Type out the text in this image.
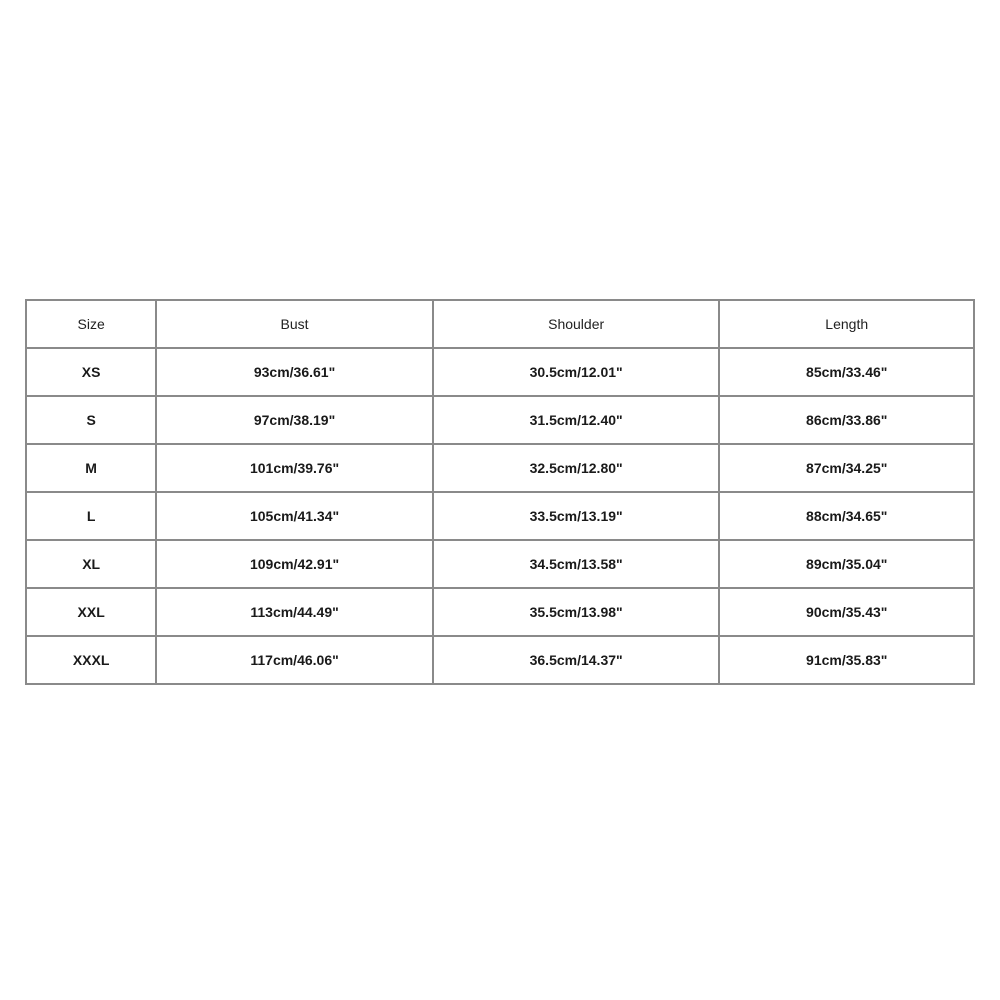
Size	Bust	Shoulder	Length
XS	93cm/36.61"	30.5cm/12.01"	85cm/33.46"
S	97cm/38.19"	31.5cm/12.40"	86cm/33.86"
M	101cm/39.76"	32.5cm/12.80"	87cm/34.25"
L	105cm/41.34"	33.5cm/13.19"	88cm/34.65"
XL	109cm/42.91"	34.5cm/13.58"	89cm/35.04"
XXL	113cm/44.49"	35.5cm/13.98"	90cm/35.43"
XXXL	117cm/46.06"	36.5cm/14.37"	91cm/35.83"
